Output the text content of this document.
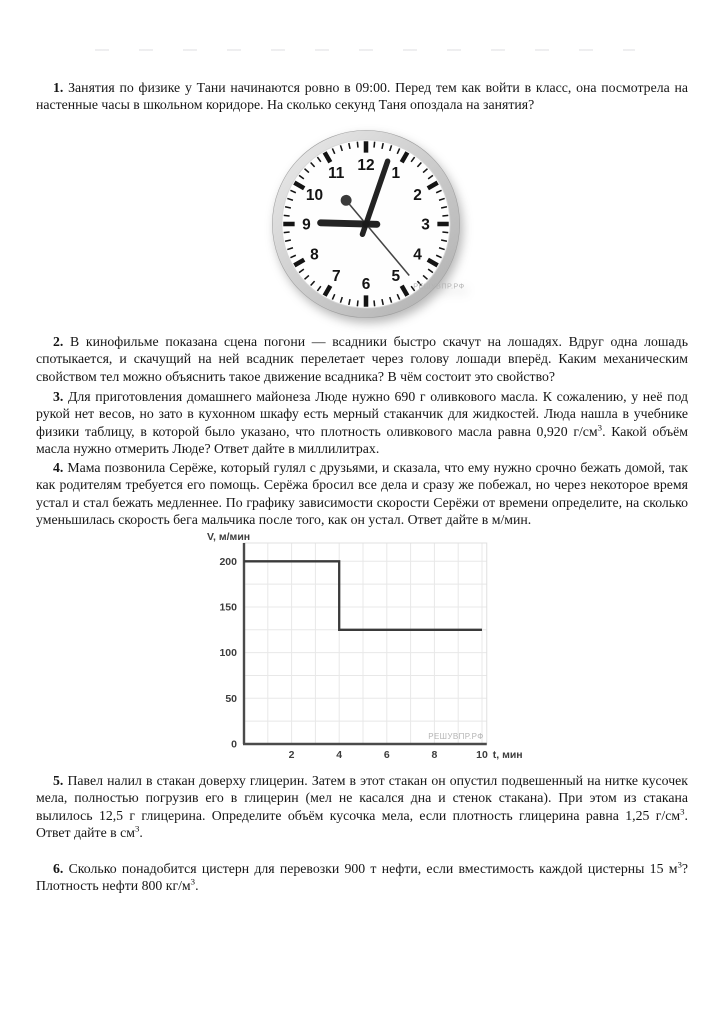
1. Занятия по физике у Тани начинаются ровно в 09:00. Перед тем как войти в класс, она посмотрела на настенные часы в школьном коридоре. На сколько секунд Таня опоздала на занятия?

1
2
3
4
5
6
7
8
9
10
11 12
РЕШУВПР.РФ

2. В кинофильме показана сцена погони — всадники быстро скачут на лошадях. Вдруг одна лошадь спотыкается, и скачущий на ней всадник перелетает через голову лошади вперёд. Каким механическим свойством тел можно объяснить такое движение всадника? В чём состоит это свойство?

3. Для приготовления домашнего майонеза Люде нужно 690 г оливкового масла. К сожалению, у неё под рукой нет весов, но зато в кухонном шкафу есть мерный стаканчик для жидкостей. Люда нашла в учебнике физики таблицу, в которой было указано, что плотность оливкового масла равна 0,920 $г/см^3$. Какой объём масла нужно отмерить Люде? Ответ дайте в миллилитрах.

4. Мама позвонила Серёже, который гулял с друзьями, и сказала, что ему нужно срочно бежать домой, так как родителям требуется его помощь. Серёжа бросил все дела и сразу же побежал, но через некоторое время устал и стал бежать медленнее. По графику зависимости скорости Серёжи от времени определите, на сколько уменьшилась скорость бега мальчика после того, как он устал. Ответ дайте в м/мин.

0
50
100
150
200
2	4	6	8	10
V, м/мин
t, мин
РЕШУВПР.РФ

5. Павел налил в стакан доверху глицерин. Затем в этот стакан он опустил подвешенный на нитке кусочек мела, полностью погрузив его в глицерин (мел не касался дна и стенок стакана). При этом из стакана вылилось 12,5 г глицерина. Определите объём кусочка мела, если плотность глицерина равна 1,25 $г/см^3$. Ответ дайте в $см^3$.

6. Сколько понадобится цистерн для перевозки 900 т нефти, если вместимость каждой цистерны 15 $м^3$? Плотность нефти 800 $кг/м^3$.
